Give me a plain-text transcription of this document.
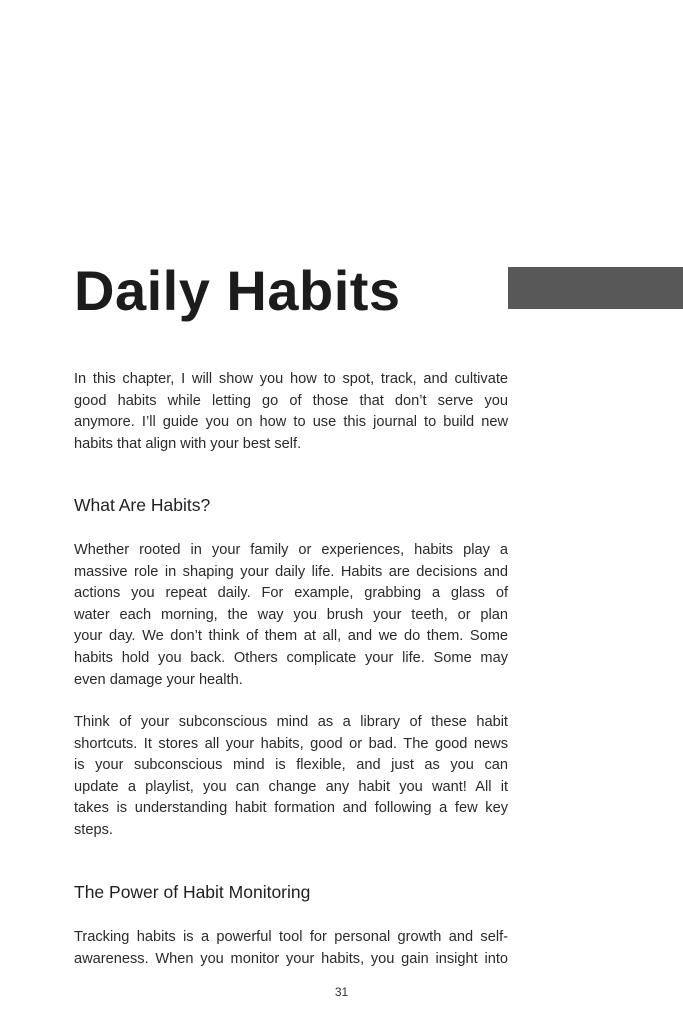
Daily Habits
In this chapter, I will show you how to spot, track, and cultivate
good habits while letting go of those that don’t serve you
anymore. I’ll guide you on how to use this journal to build new
habits that align with your best self.
What Are Habits?
Whether rooted in your family or experiences, habits play a
massive role in shaping your daily life. Habits are decisions and
actions you repeat daily. For example, grabbing a glass of
water each morning, the way you brush your teeth, or plan
your day. We don’t think of them at all, and we do them. Some
habits hold you back. Others complicate your life. Some may
even damage your health.
Think of your subconscious mind as a library of these habit
shortcuts. It stores all your habits, good or bad. The good news
is your subconscious mind is flexible, and just as you can
update a playlist, you can change any habit you want! All it
takes is understanding habit formation and following a few key
steps.
The Power of Habit Monitoring
Tracking habits is a powerful tool for personal growth and self-
awareness. When you monitor your habits, you gain insight into
31
